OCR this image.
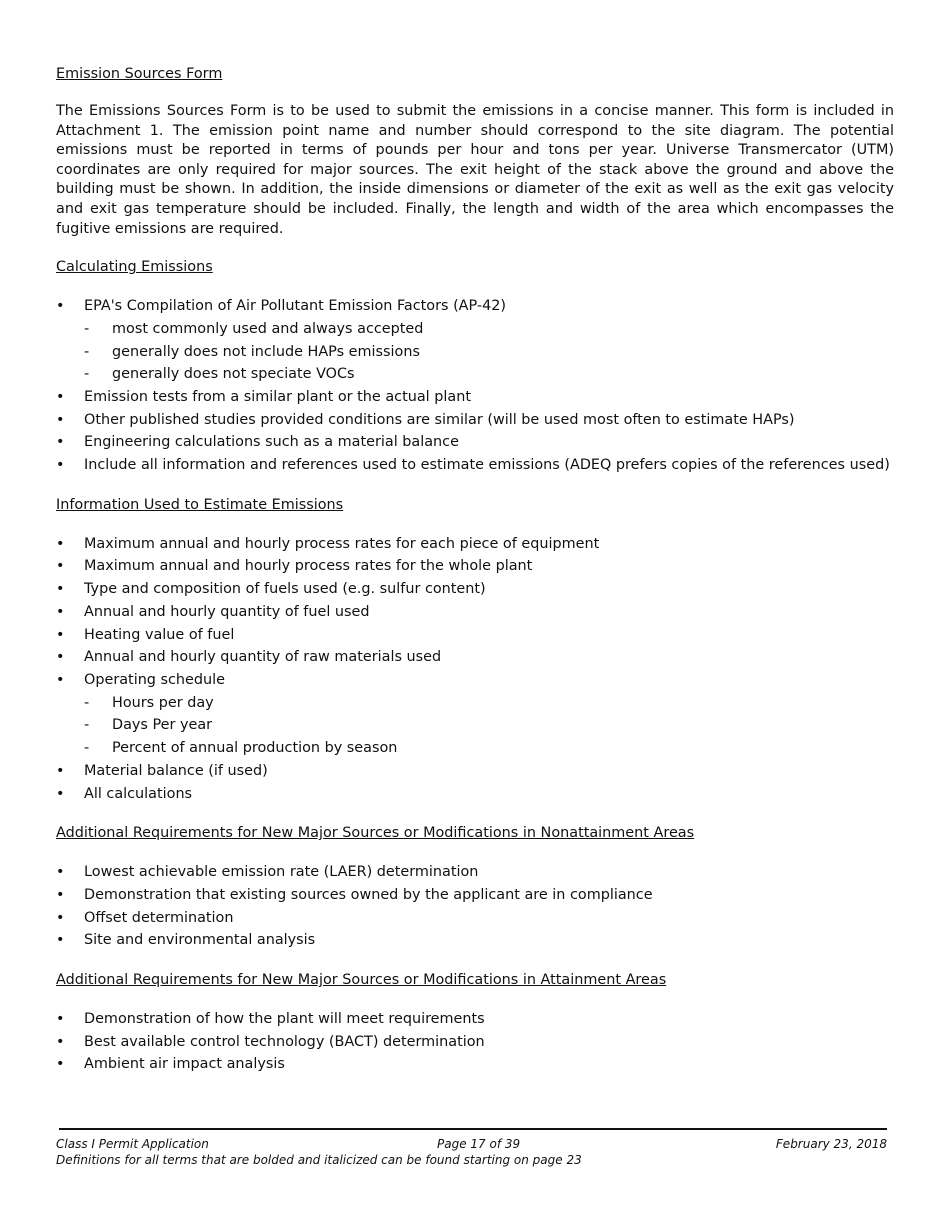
Emission Sources Form

The Emissions Sources Form is to be used to submit the emissions in a concise manner. This form is included in Attachment 1. The emission point name and number should correspond to the site diagram. The potential emissions must be reported in terms of pounds per hour and tons per year. Universe Transmercator (UTM) coordinates are only required for major sources. The exit height of the stack above the ground and above the building must be shown. In addition, the inside dimensions or diameter of the exit as well as the exit gas velocity and exit gas temperature should be included. Finally, the length and width of the area which encompasses the fugitive emissions are required.

Calculating Emissions

• EPA's Compilation of Air Pollutant Emission Factors (AP-42)
- most commonly used and always accepted
- generally does not include HAPs emissions
- generally does not speciate VOCs
• Emission tests from a similar plant or the actual plant
• Other published studies provided conditions are similar (will be used most often to estimate HAPs)
• Engineering calculations such as a material balance
• Include all information and references used to estimate emissions (ADEQ prefers copies of the references used)

Information Used to Estimate Emissions

• Maximum annual and hourly process rates for each piece of equipment
• Maximum annual and hourly process rates for the whole plant
• Type and composition of fuels used (e.g. sulfur content)
• Annual and hourly quantity of fuel used
• Heating value of fuel
• Annual and hourly quantity of raw materials used
• Operating schedule
- Hours per day
- Days Per year
- Percent of annual production by season
• Material balance (if used)
• All calculations

Additional Requirements for New Major Sources or Modifications in Nonattainment Areas

• Lowest achievable emission rate (LAER) determination
• Demonstration that existing sources owned by the applicant are in compliance
• Offset determination
• Site and environmental analysis

Additional Requirements for New Major Sources or Modifications in Attainment Areas

• Demonstration of how the plant will meet requirements
• Best available control technology (BACT) determination
• Ambient air impact analysis
Class I Permit Application	Page 17 of 39	February 23, 2018
Definitions for all terms that are bolded and italicized can be found starting on page 23
